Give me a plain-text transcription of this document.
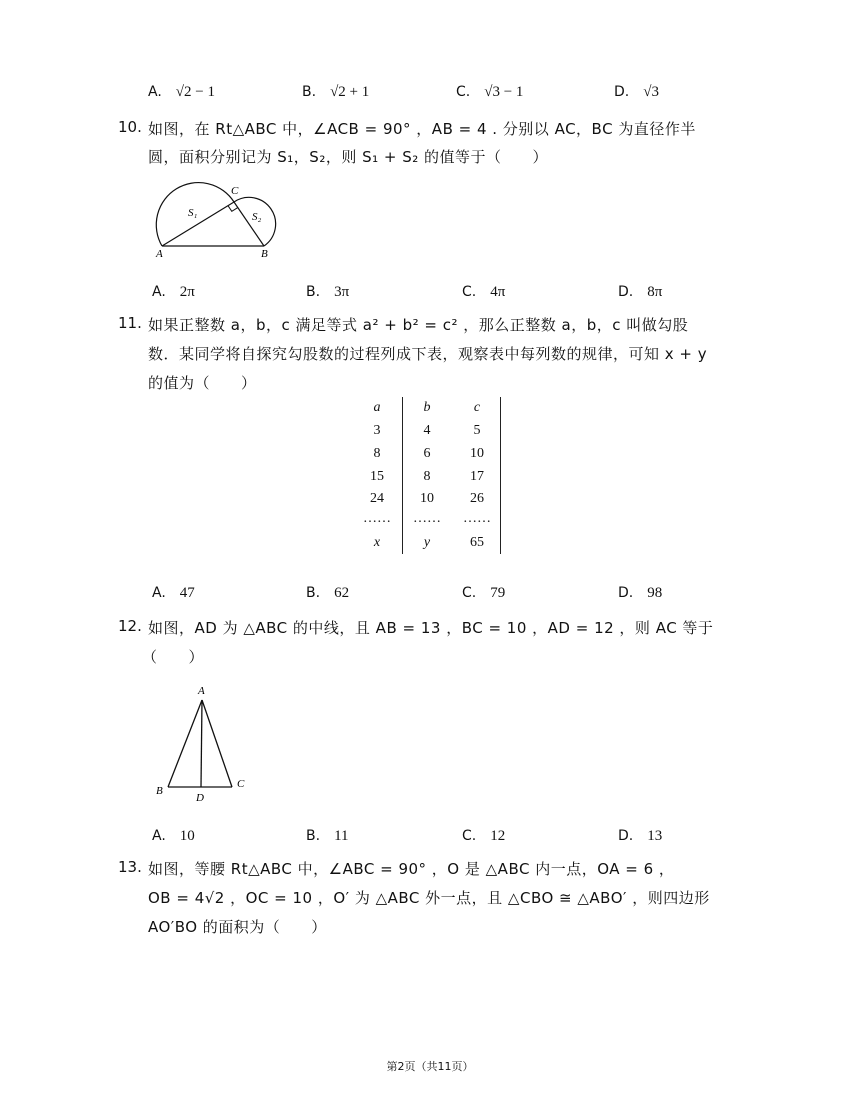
A. √2 − 1	B. √2 + 1	C. √3 − 1	D. √3
10. 如图，在 Rt△ABC 中，∠ACB = 90° ，AB = 4 . 分别以 AC，BC 为直径作半
圆，面积分别记为 S₁，S₂，则 S₁ + S₂ 的值等于（　　）
A	B
C
S₁	S₂
A. 2π	B. 3π	C. 4π	D. 8π
11. 如果正整数 a，b，c 满足等式 a² + b² = c² ，那么正整数 a，b，c 叫做勾股
数．某同学将自探究勾股数的过程列成下表，观察表中每列数的规律，可知 x + y
的值为（　　）
a	b	c
3	4	5
8	6	10
15	8	17
24	10	26
……	……	……
x	y	65
A. 47	B. 62	C. 79	D. 98
12. 如图，AD 为 △ABC 的中线，且 AB = 13 ，BC = 10 ，AD = 12 ，则 AC 等于
（　　）
A
B
C
D
A. 10	B. 11	C. 12	D. 13
13. 如图，等腰 Rt△ABC 中，∠ABC = 90° ，O 是 △ABC 内一点，OA = 6 ，
OB = 4√2 ，OC = 10 ，O′ 为 △ABC 外一点，且 △CBO ≅ △ABO′ ，则四边形
AO′BO 的面积为（　　）
第2页（共11页）
